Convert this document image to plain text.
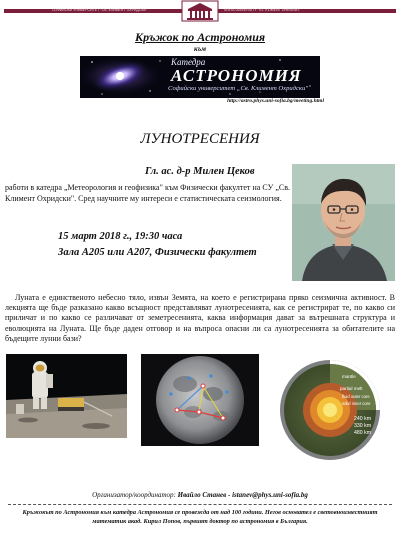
СОФИЙСКИ УНИВЕРСИТЕТ "СВ. КЛИМЕНТ ОХРИДСКИ"	SOFIA UNIVERSITY "ST. KLIMENT OHRIDSKI"
Кръжок по Астрономия
към
Катедра
АСТРОНОМИЯ
Софийски университет „Св. Климент Охридски"
http://astro.phys.uni-sofia.bg/meeting.html
ЛУНОТРЕСЕНИЯ
Гл. ас. д-р Милен Цеков
работи в катедра „Метеорология и геофизика" към Физически факултет на СУ „Св. Климент Охридски". Сред научните му интереси е статистическата сеизмология.
15 март 2018 г., 19:30 часа
Зала А205 или А207, Физически факултет
Луната е единственото небесно тяло, извън Земята, на което е регистрирана пряко сеизмична активност. В лекцията ще бъде разказано какво всъщност представляват лунотресенията, как се регистрират те, по какво си приличат и по какво се различават от земетресенията, каква информация дават за вътрешната структура и еволюцията на Луната. Ще бъде даден отговор и на въпроса опасни ли са лунотресенията за обитателите на бъдещите лунни бази?
crust
mantle
partial melt
fluid outer core
solid inner core
240 km
330 km
480 km
Организатор/координатор: Ивайло Станев - istanev@phys.uni-sofia.bg
Кръжокът по Астрономия към катедра Астрономия се провежда от над 100 години. Негов основател е световноизвестният математик акад. Кирил Попов, първият доктор по астрономия в България.
